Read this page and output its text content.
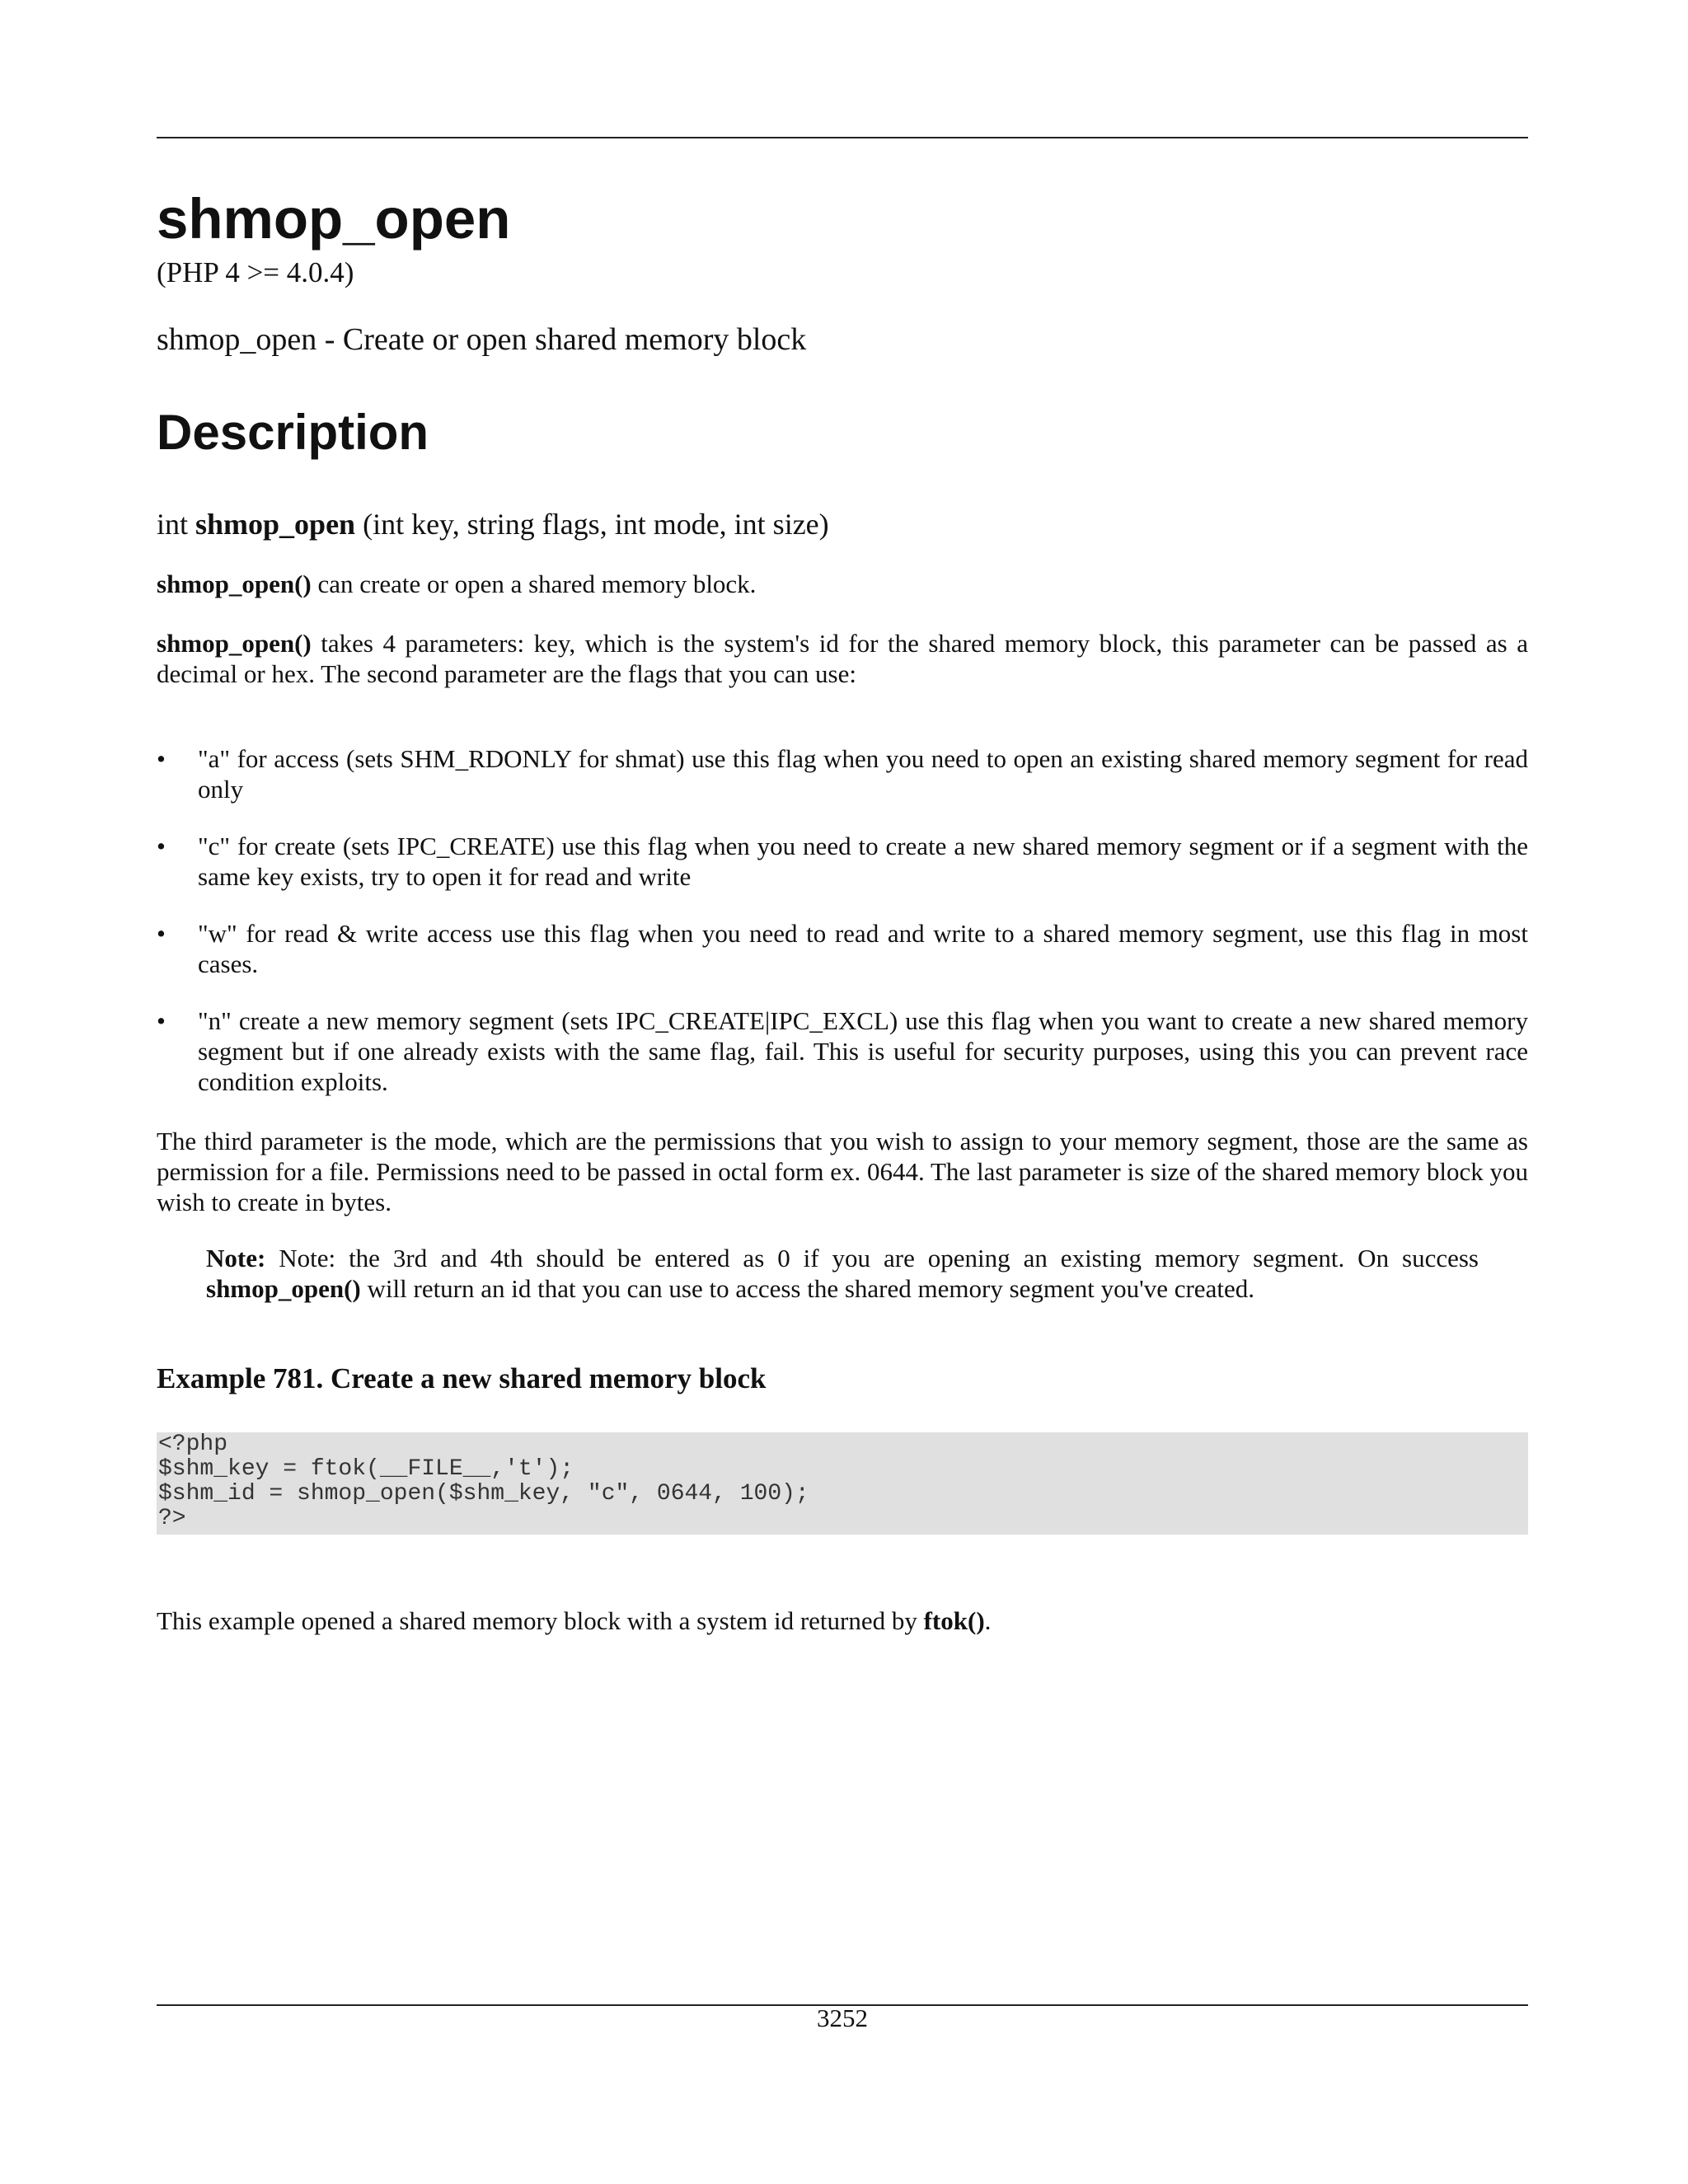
shmop_open
(PHP 4 >= 4.0.4)
shmop_open - Create or open shared memory block
Description
int shmop_open (int key, string flags, int mode, int size)
shmop_open() can create or open a shared memory block.
shmop_open() takes 4 parameters: key, which is the system's id for the shared memory block, this parameter can be passed as a decimal or hex. The second parameter are the flags that you can use:
• "a" for access (sets SHM_RDONLY for shmat) use this flag when you need to open an existing shared memory segment for read only
• "c" for create (sets IPC_CREATE) use this flag when you need to create a new shared memory segment or if a segment with the same key exists, try to open it for read and write
• "w" for read & write access use this flag when you need to read and write to a shared memory segment, use this flag in most cases.
• "n" create a new memory segment (sets IPC_CREATE|IPC_EXCL) use this flag when you want to create a new shared memory segment but if one already exists with the same flag, fail. This is useful for security purposes, using this you can prevent race condition exploits.
The third parameter is the mode, which are the permissions that you wish to assign to your memory segment, those are the same as permission for a file. Permissions need to be passed in octal form ex. 0644. The last parameter is size of the shared memory block you wish to create in bytes.
Note: Note: the 3rd and 4th should be entered as 0 if you are opening an existing memory segment. On success shmop_open() will return an id that you can use to access the shared memory segment you've created.
Example 781. Create a new shared memory block
<?php
$shm_key = ftok(__FILE__,'t');
$shm_id = shmop_open($shm_key, "c", 0644, 100);
?>
This example opened a shared memory block with a system id returned by ftok().
3252
